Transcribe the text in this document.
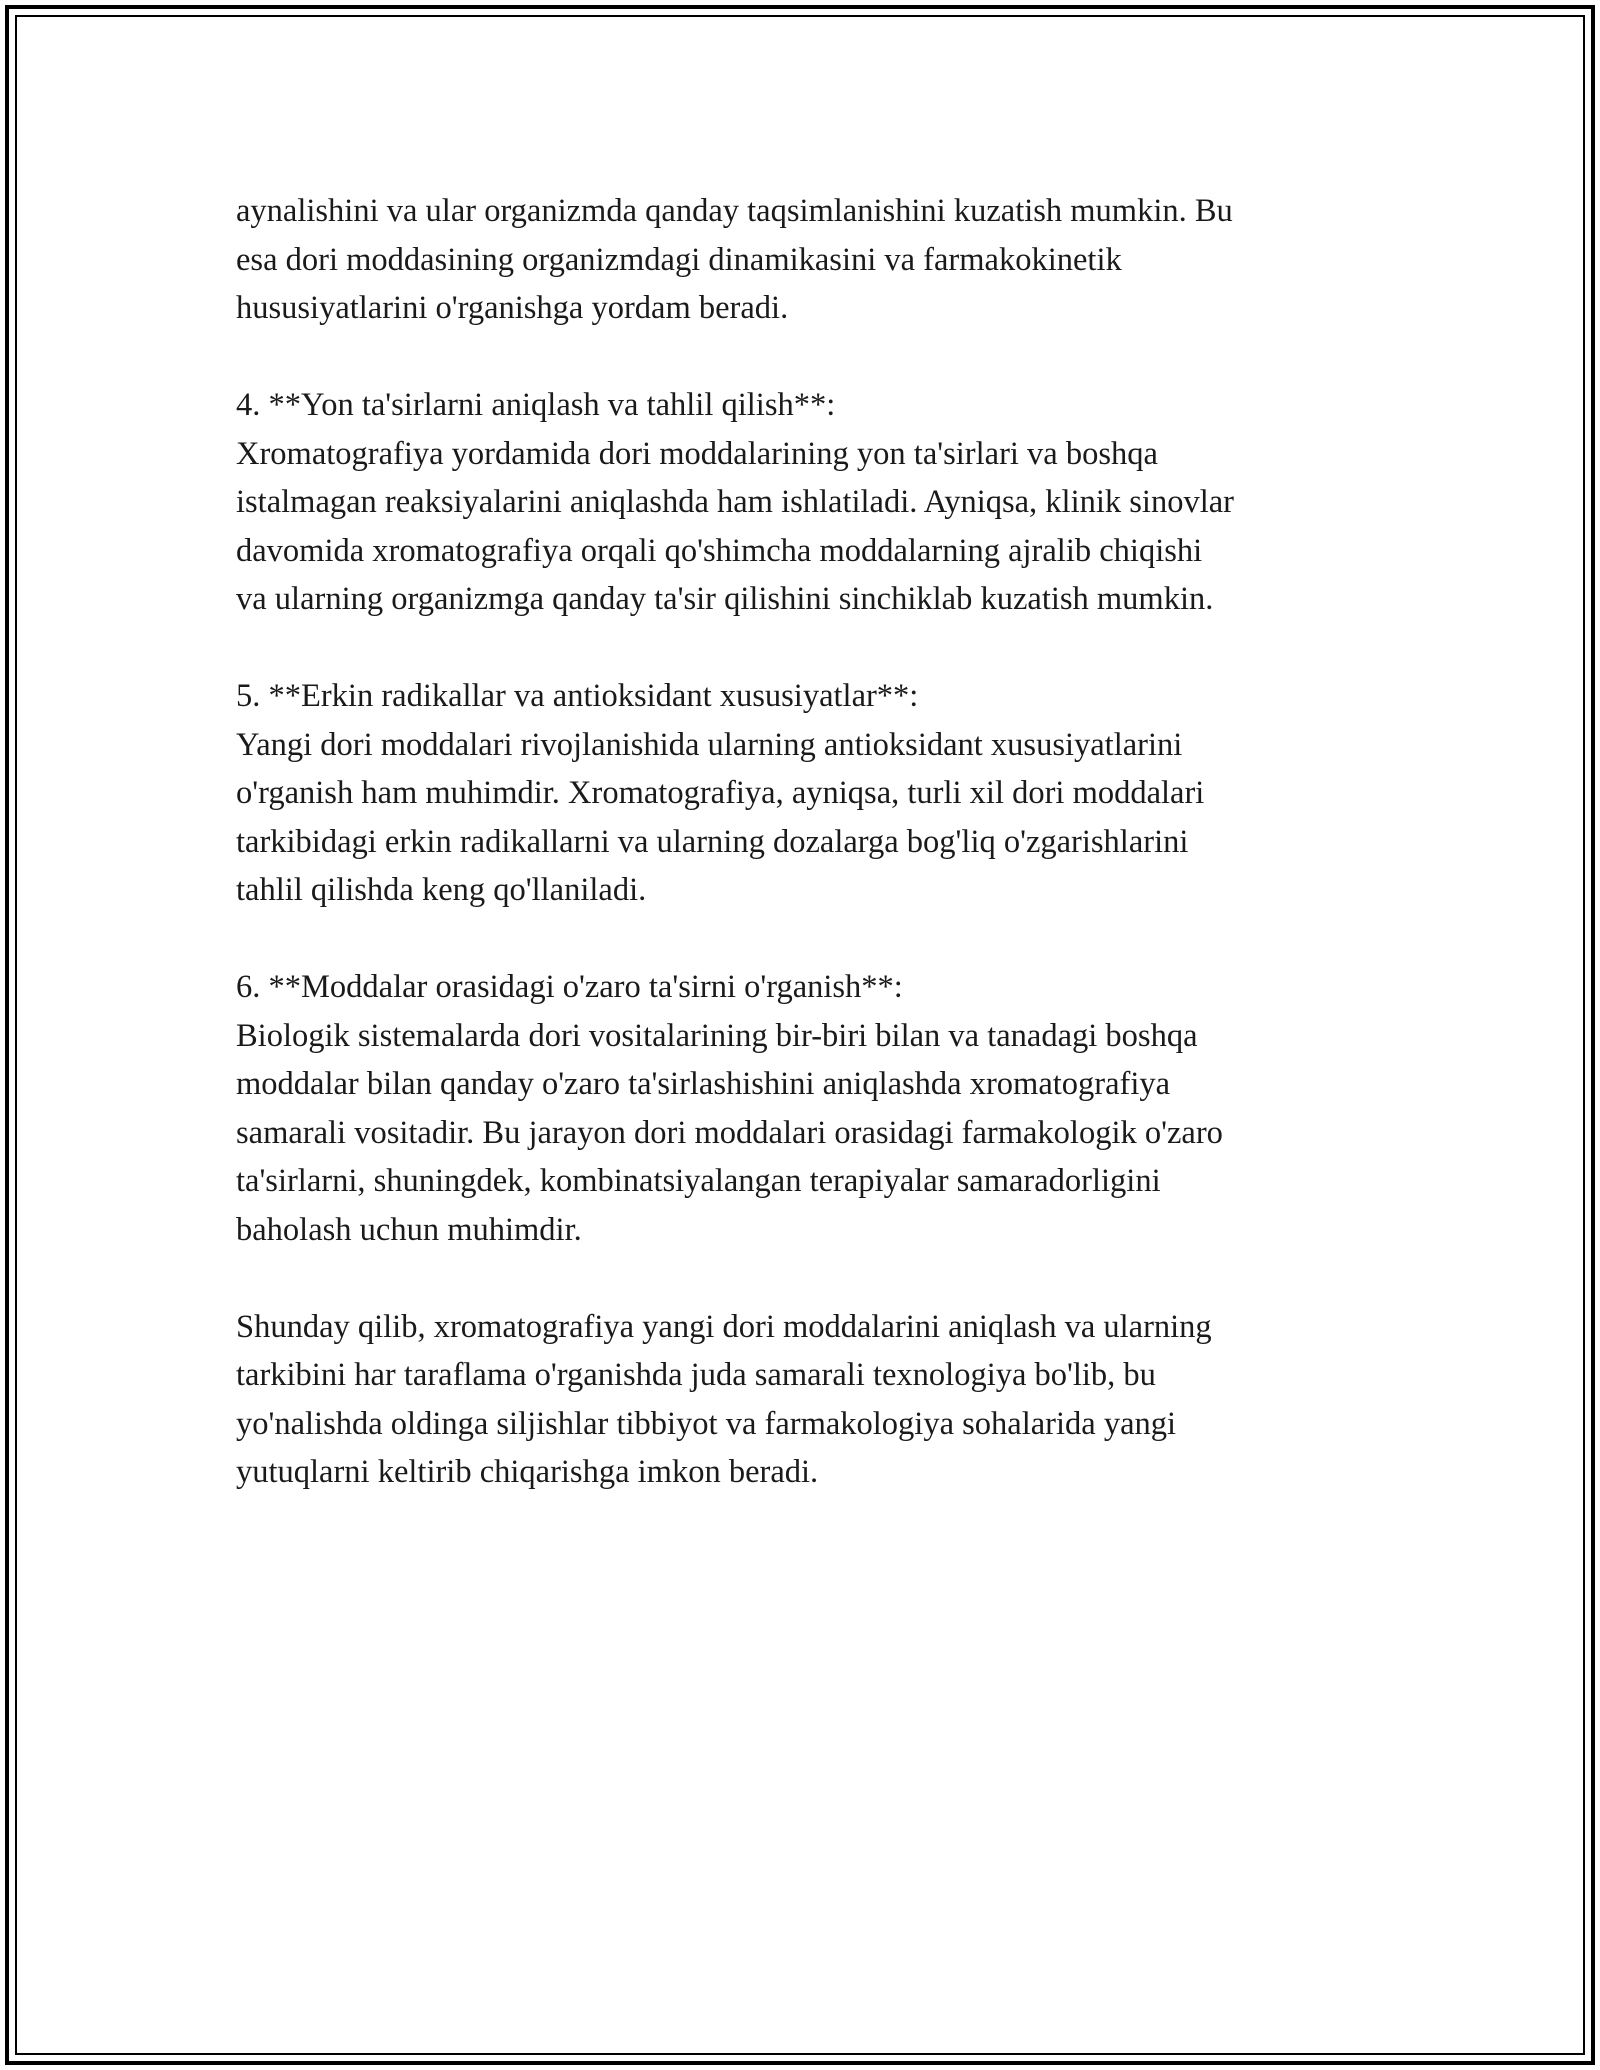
aynalishini va ular organizmda qanday taqsimlanishini kuzatish mumkin. Bu
esa dori moddasining organizmdagi dinamikasini va farmakokinetik
hususiyatlarini o'rganishga yordam beradi.

4. **Yon ta'sirlarni aniqlash va tahlil qilish**:
Xromatografiya yordamida dori moddalarining yon ta'sirlari va boshqa
istalmagan reaksiyalarini aniqlashda ham ishlatiladi. Ayniqsa, klinik sinovlar
davomida xromatografiya orqali qo'shimcha moddalarning ajralib chiqishi
va ularning organizmga qanday ta'sir qilishini sinchiklab kuzatish mumkin.
5. **Erkin radikallar va antioksidant xususiyatlar**:
Yangi dori moddalari rivojlanishida ularning antioksidant xususiyatlarini
o'rganish ham muhimdir. Xromatografiya, ayniqsa, turli xil dori moddalari
tarkibidagi erkin radikallarni va ularning dozalarga bog'liq o'zgarishlarini
tahlil qilishda keng qo'llaniladi.
6. **Moddalar orasidagi o'zaro ta'sirni o'rganish**:
Biologik sistemalarda dori vositalarining bir-biri bilan va tanadagi boshqa
moddalar bilan qanday o'zaro ta'sirlashishini aniqlashda xromatografiya
samarali vositadir. Bu jarayon dori moddalari orasidagi farmakologik o'zaro
ta'sirlarni, shuningdek, kombinatsiyalangan terapiyalar samaradorligini
baholash uchun muhimdir.
Shunday qilib, xromatografiya yangi dori moddalarini aniqlash va ularning
tarkibini har taraflama o'rganishda juda samarali texnologiya bo'lib, bu
yo'nalishda oldinga siljishlar tibbiyot va farmakologiya sohalarida yangi
yutuqlarni keltirib chiqarishga imkon beradi.
